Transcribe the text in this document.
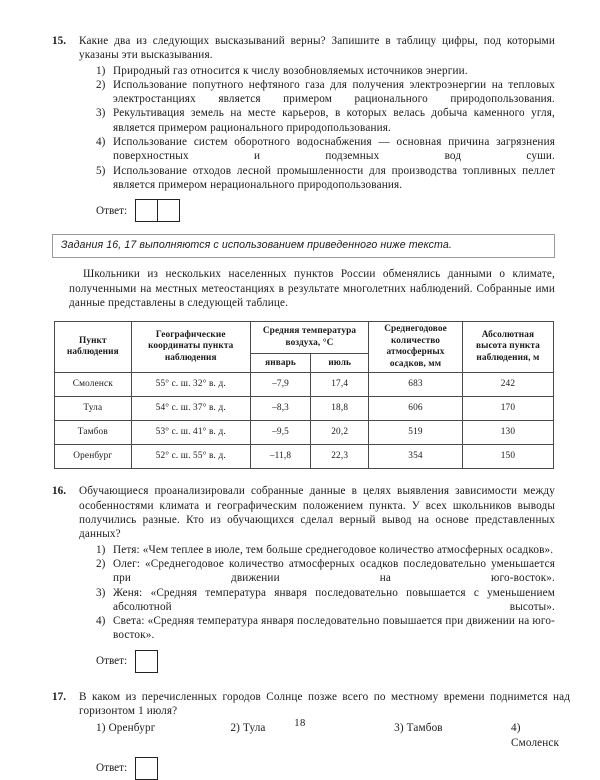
15.	Какие два из следующих высказываний верны? Запишите в таблицу цифры, под которыми указаны эти высказывания.
1) Природный газ относится к числу возобновляемых источников энергии.
2) Использование попутного нефтяного газа для получения электроэнергии на тепловых электростанциях является примером рационального природопользования.
3) Рекультивация земель на месте карьеров, в которых велась добыча каменного угля, является примером рационального природопользования.
4) Использование систем оборотного водоснабжения — основная причина загрязнения поверхностных и подземных вод суши.
5) Использование отходов лесной промышленности для производства топливных пеллет является примером нерационального природопользования.
Ответ:
Задания 16, 17 выполняются с использованием приведенного ниже текста.
Школьники из нескольких населенных пунктов России обменялись данными о климате, полученными на местных метеостанциях в результате многолетних наблюдений. Собранные ими данные представлены в следующей таблице.
Пункт наблюдения	Географические координаты пункта наблюдения	Средняя температура воздуха, °С		Среднегодовое количество атмосферных осадков, мм	Абсолютная высота пункта наблюдения, м
		январь	июль		
Смоленск	55° с. ш. 32° в. д.	–7,9	17,4	683	242
Тула	54° с. ш. 37° в. д.	–8,3	18,8	606	170
Тамбов	53° с. ш. 41° в. д.	–9,5	20,2	519	130
Оренбург	52° с. ш. 55° в. д.	–11,8	22,3	354	150
16.	Обучающиеся проанализировали собранные данные в целях выявления зависимости между особенностями климата и географическим положением пункта. У всех школьников выводы получились разные. Кто из обучающихся сделал верный вывод на основе представленных данных?
1) Петя: «Чем теплее в июле, тем больше среднегодовое количество атмосферных осадков».
2) Олег: «Среднегодовое количество атмосферных осадков последовательно уменьшается при движении на юго-восток».
3) Женя: «Средняя температура января последовательно повышается с уменьшением абсолютной высоты».
4) Света: «Средняя температура января последовательно повышается при движении на юго-восток».
Ответ:
17.	В каком из перечисленных городов Солнце позже всего по местному времени поднимется над горизонтом 1 июля?
1) Оренбург	2) Тула	3) Тамбов	4) Смоленск
Ответ:
18
